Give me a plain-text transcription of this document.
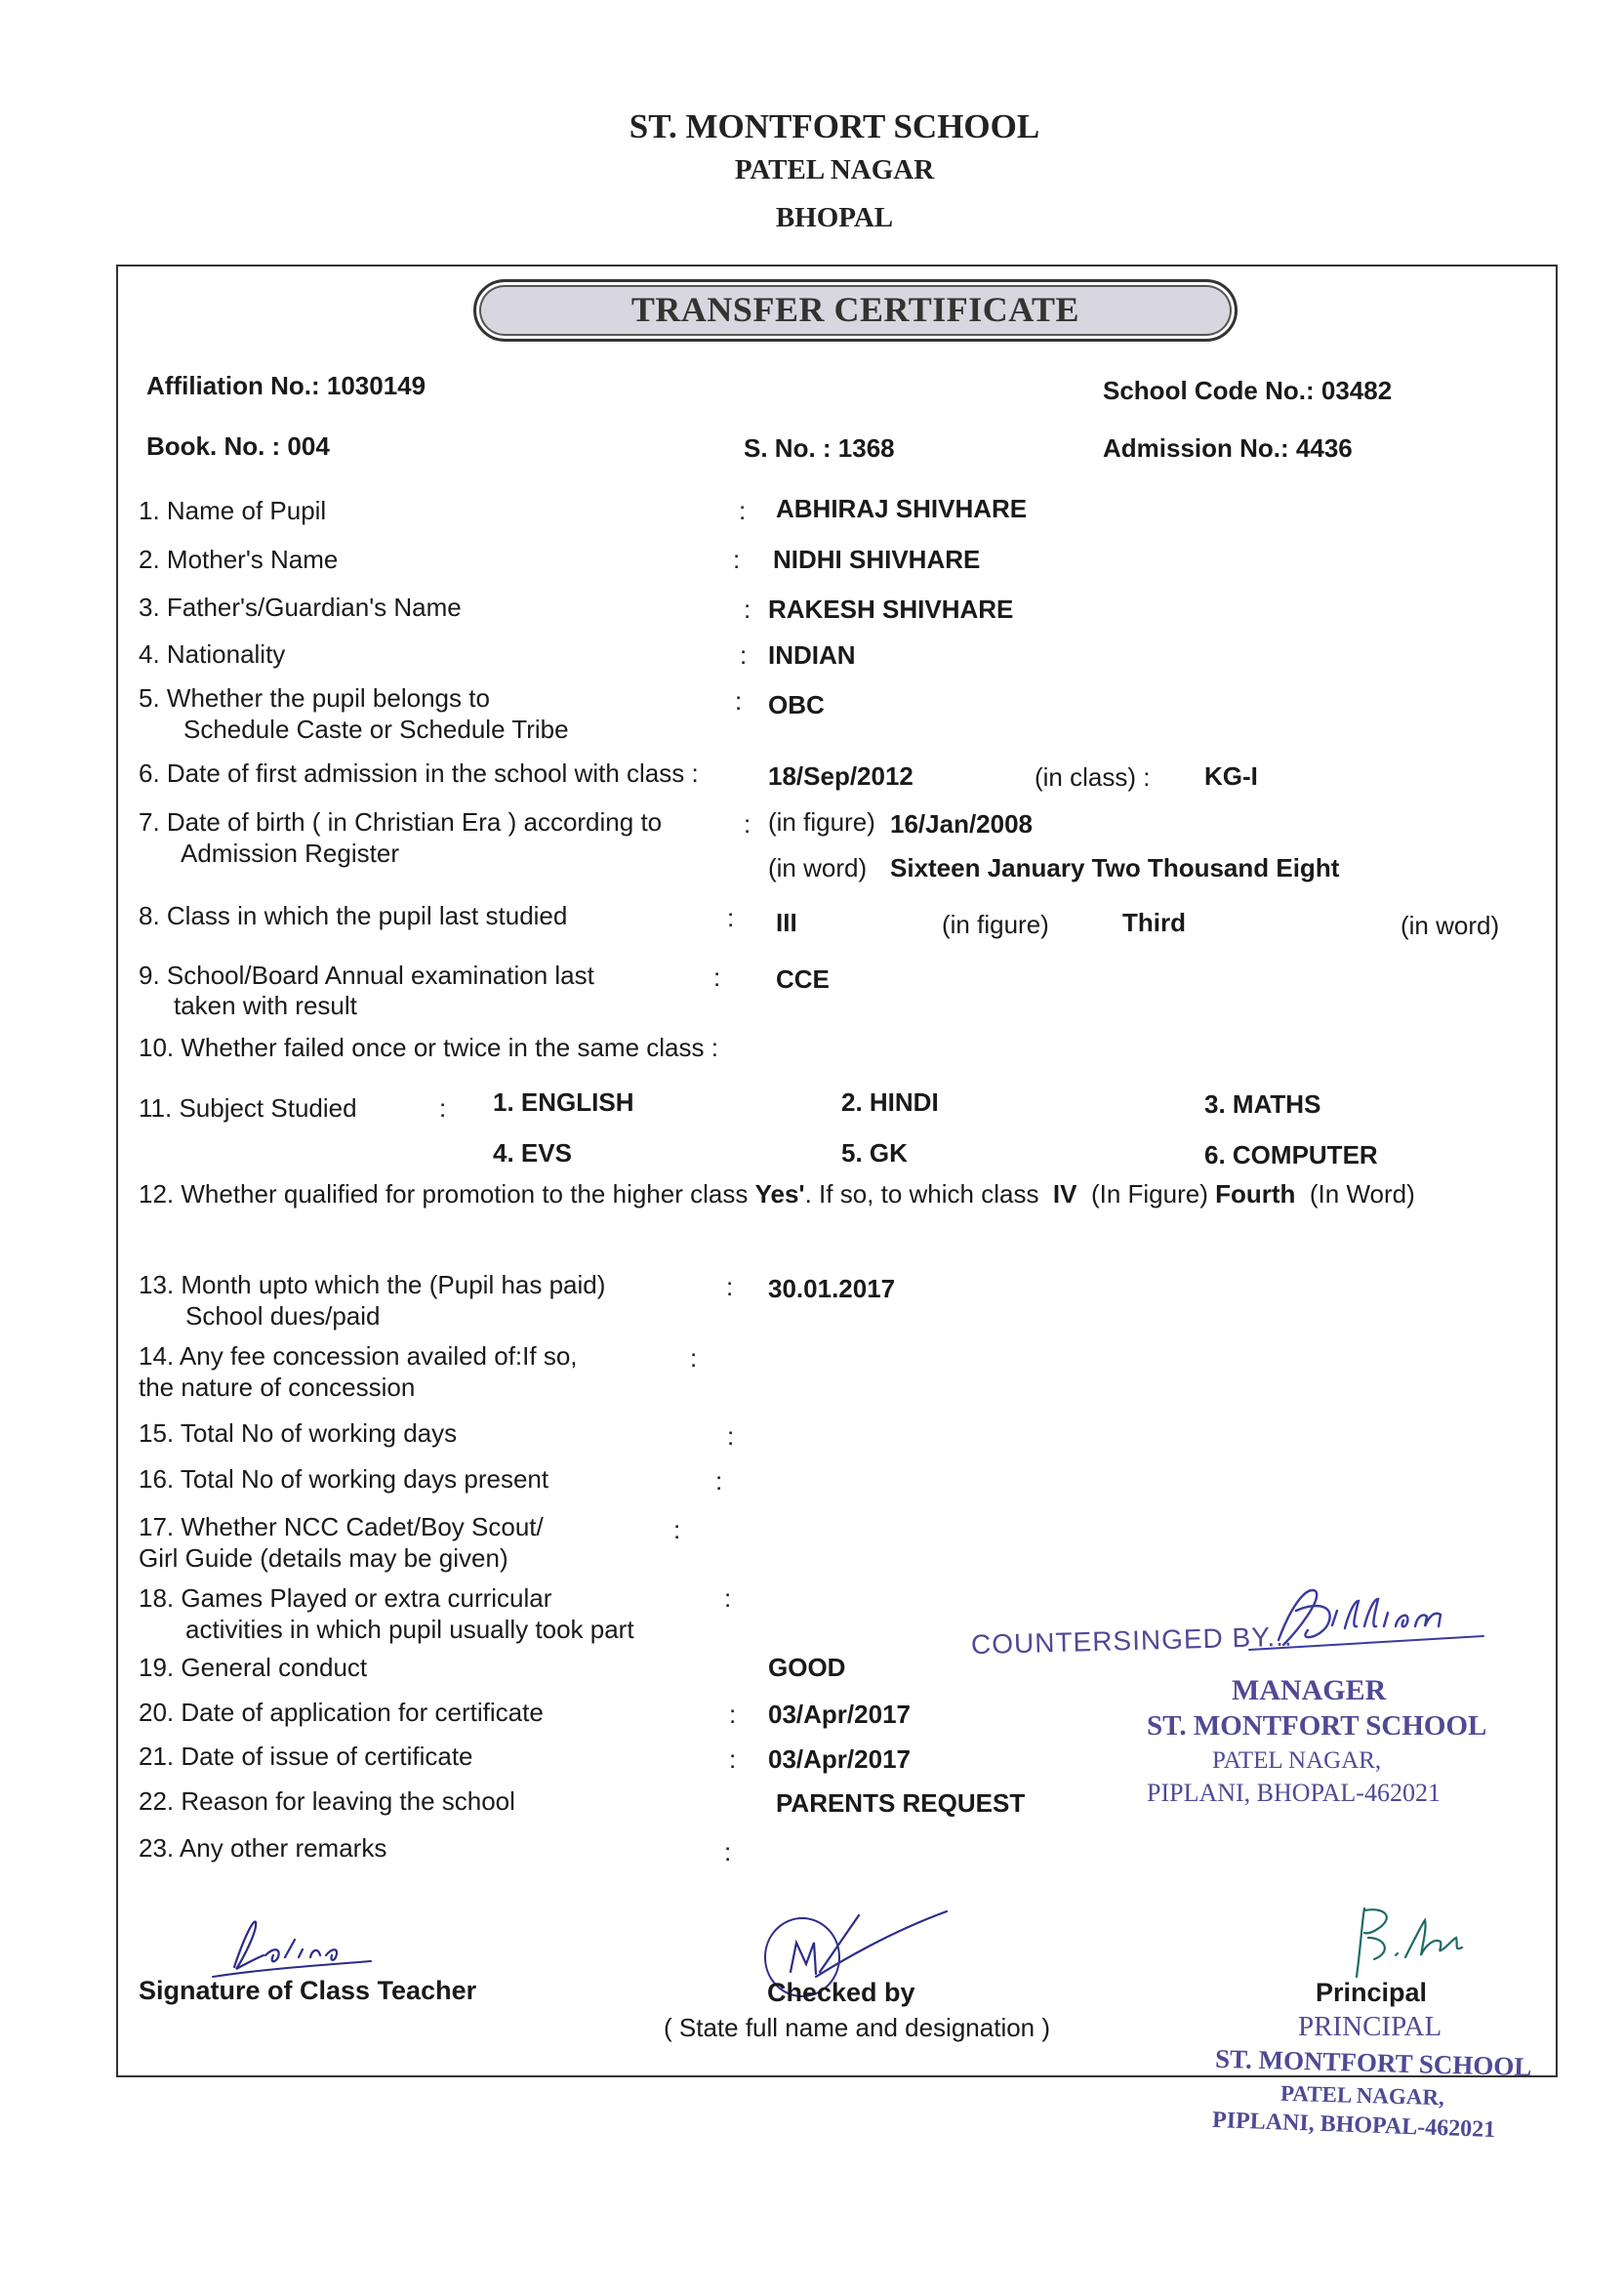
ST. MONTFORT SCHOOL
PATEL NAGAR
BHOPAL
TRANSFER CERTIFICATE
Affiliation No.: 1030149	School Code No.: 03482
Book. No. : 004	S. No. : 1368	Admission No.: 4436
1. Name of Pupil	: ABHIRAJ SHIVHARE
2. Mother's Name	: NIDHI SHIVHARE
3. Father's/Guardian's Name	: RAKESH SHIVHARE
4. Nationality	: INDIAN
5. Whether the pupil belongs to
Schedule Caste or Schedule Tribe
: OBC
6. Date of first admission in the school with class :	18/Sep/2012	(in class) : KG-I
7. Date of birth ( in Christian Era ) according to
Admission Register
: (in figure) 16/Jan/2008
(in word) Sixteen January Two Thousand Eight
8. Class in which the pupil last studied	: III	(in figure)	Third	(in word)
9. School/Board Annual examination last
taken with result
: CCE
10. Whether failed once or twice in the same class :
11. Subject Studied	: 1. ENGLISH	2. HINDI	3. MATHS
4. EVS	5. GK	6. COMPUTER
12. Whether qualified for promotion to the higher class Yes'. If so, to which class IV (In Figure) Fourth (In Word)
13. Month upto which the (Pupil has paid)
School dues/paid
: 30.01.2017
14. Any fee concession availed of:If so,
the nature of concession
:
15. Total No of working days	:
16. Total No of working days present	:
17. Whether NCC Cadet/Boy Scout/
Girl Guide (details may be given)
:
18. Games Played or extra curricular
activities in which pupil usually took part
:
19. General conduct	GOOD
20. Date of application for certificate	: 03/Apr/2017
21. Date of issue of certificate	: 03/Apr/2017
22. Reason for leaving the school	PARENTS REQUEST
23. Any other remarks	:
COUNTERSINGED BY...
MANAGER
ST. MONTFORT SCHOOL
PATEL NAGAR,
PIPLANI, BHOPAL-462021
Signature of Class Teacher	Checked by
( State full name and designation )
Principal
PRINCIPAL
ST. MONTFORT SCHOOL
PATEL NAGAR,
PIPLANI, BHOPAL-462021
